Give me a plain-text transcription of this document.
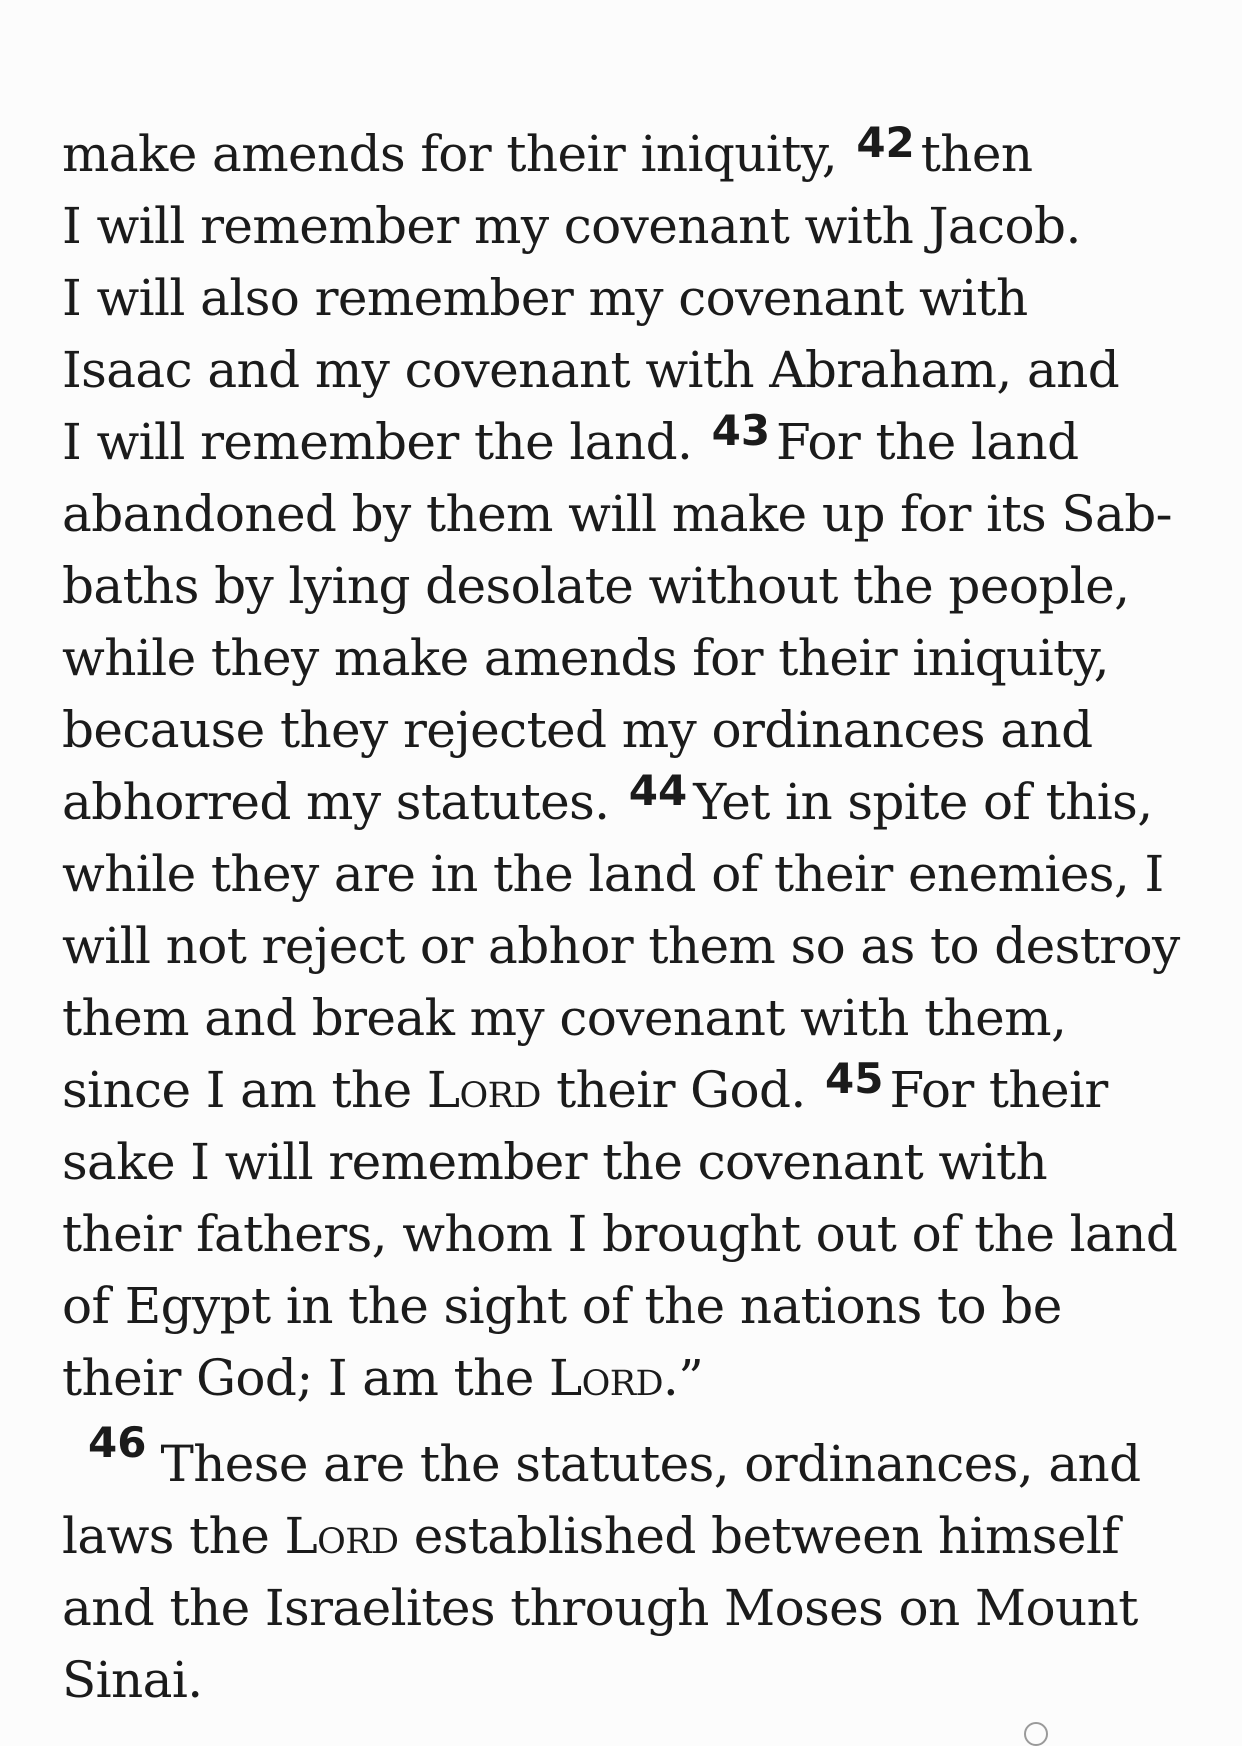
make amends for their iniquity, $^{42}$ then
I will remember my covenant with Jacob.
I will also remember my covenant with
Isaac and my covenant with Abraham, and
I will remember the land. $^{43}$ For the land
abandoned by them will make up for its Sab-
baths by lying desolate without the people,
while they make amends for their iniquity,
because they rejected my ordinances and
abhorred my statutes. $^{44}$ Yet in spite of this,
while they are in the land of their enemies, I
will not reject or abhor them so as to destroy
them and break my covenant with them,
since I am the Lord their God. $^{45}$ For their
sake I will remember the covenant with
their fathers, whom I brought out of the land
of Egypt in the sight of the nations to be
their God; I am the Lord.”
$^{46}$ These are the statutes, ordinances, and
laws the Lord established between himself
and the Israelites through Moses on Mount
Sinai.
